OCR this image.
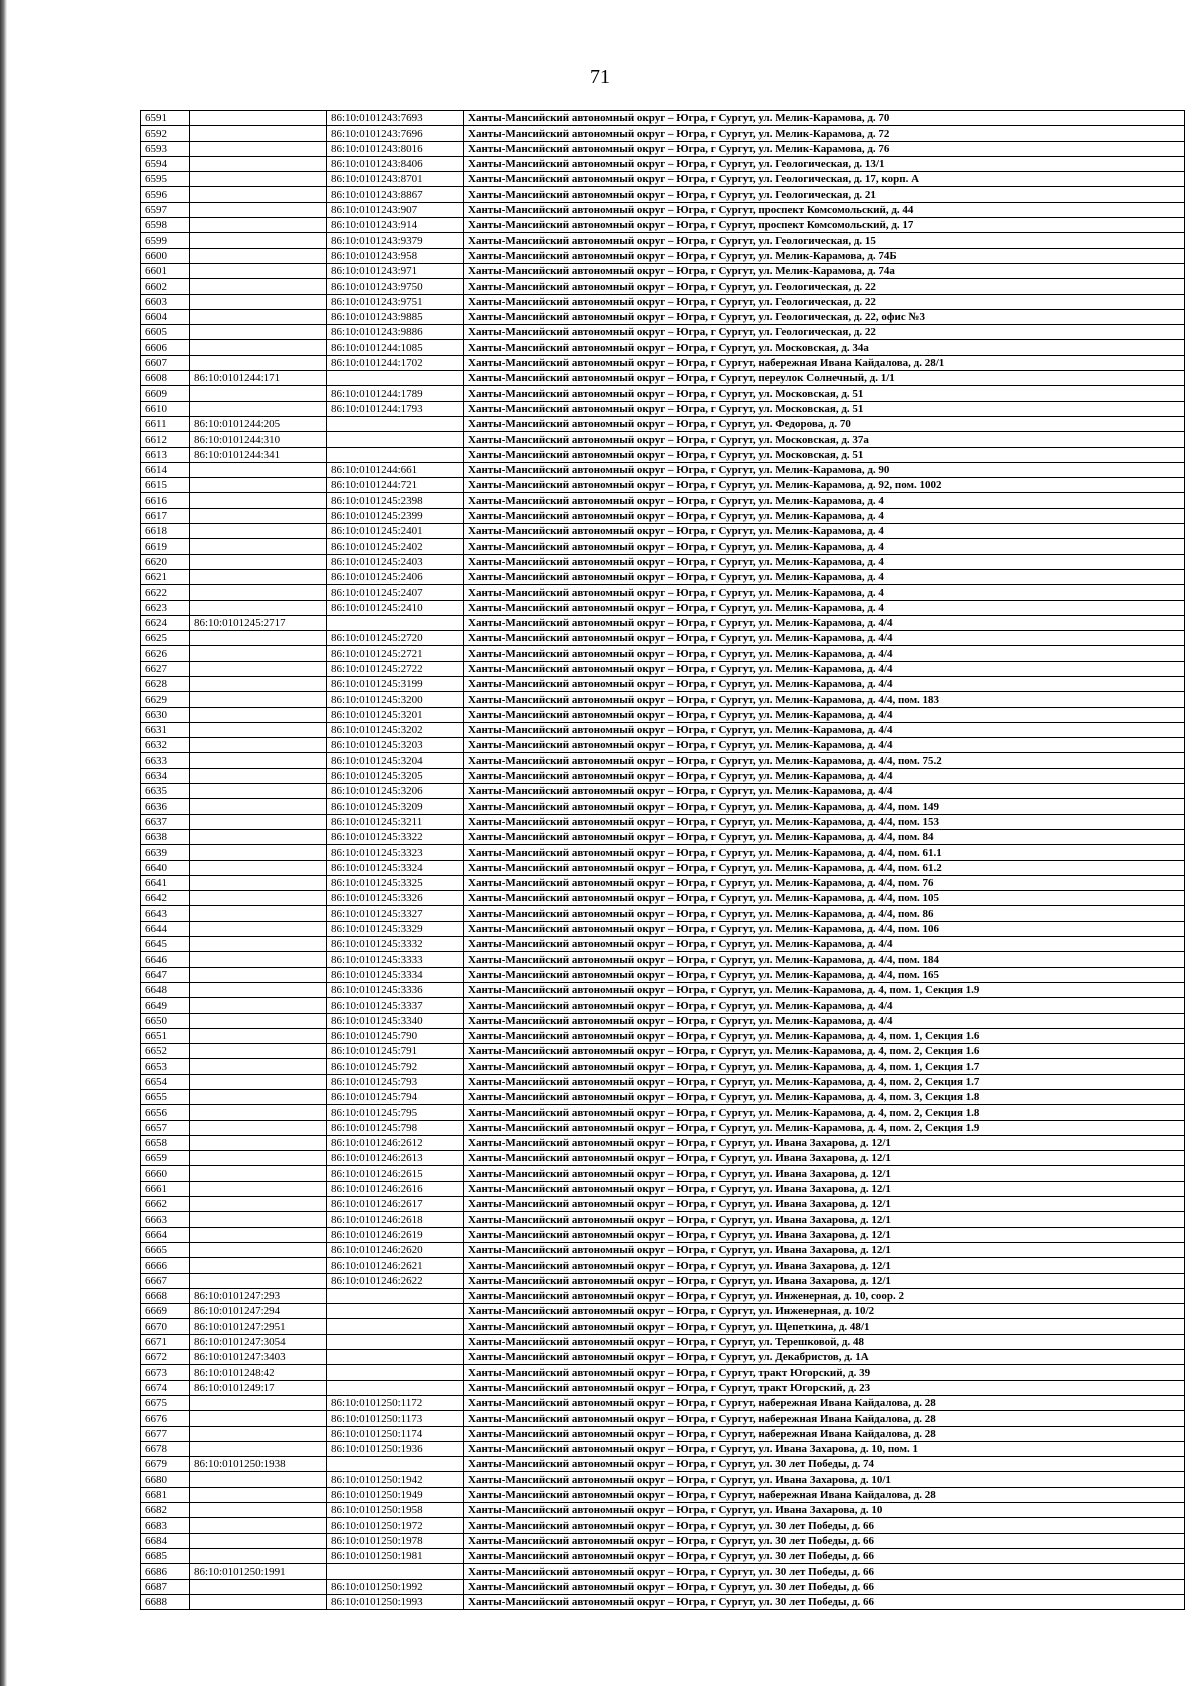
71
6591		86:10:0101243:7693	Ханты-Мансийский автономный округ – Югра, г Сургут, ул. Мелик-Карамова, д. 70
6592		86:10:0101243:7696	Ханты-Мансийский автономный округ – Югра, г Сургут, ул. Мелик-Карамова, д. 72
6593		86:10:0101243:8016	Ханты-Мансийский автономный округ – Югра, г Сургут, ул. Мелик-Карамова, д. 76
6594		86:10:0101243:8406	Ханты-Мансийский автономный округ – Югра, г Сургут, ул. Геологическая, д. 13/1
6595		86:10:0101243:8701	Ханты-Мансийский автономный округ – Югра, г Сургут, ул. Геологическая, д. 17, корп. А
6596		86:10:0101243:8867	Ханты-Мансийский автономный округ – Югра, г Сургут, ул. Геологическая, д. 21
6597		86:10:0101243:907	Ханты-Мансийский автономный округ – Югра, г Сургут, проспект Комсомольский, д. 44
6598		86:10:0101243:914	Ханты-Мансийский автономный округ – Югра, г Сургут, проспект Комсомольский, д. 17
6599		86:10:0101243:9379	Ханты-Мансийский автономный округ – Югра, г Сургут, ул. Геологическая, д. 15
6600		86:10:0101243:958	Ханты-Мансийский автономный округ – Югра, г Сургут, ул. Мелик-Карамова, д. 74Б
6601		86:10:0101243:971	Ханты-Мансийский автономный округ – Югра, г Сургут, ул. Мелик-Карамова, д. 74а
6602		86:10:0101243:9750	Ханты-Мансийский автономный округ – Югра, г Сургут, ул. Геологическая, д. 22
6603		86:10:0101243:9751	Ханты-Мансийский автономный округ – Югра, г Сургут, ул. Геологическая, д. 22
6604		86:10:0101243:9885	Ханты-Мансийский автономный округ – Югра, г Сургут, ул. Геологическая, д. 22, офис №3
6605		86:10:0101243:9886	Ханты-Мансийский автономный округ – Югра, г Сургут, ул. Геологическая, д. 22
6606		86:10:0101244:1085	Ханты-Мансийский автономный округ – Югра, г Сургут, ул. Московская, д. 34а
6607		86:10:0101244:1702	Ханты-Мансийский автономный округ – Югра, г Сургут, набережная Ивана Кайдалова, д. 28/1
6608	86:10:0101244:171		Ханты-Мансийский автономный округ – Югра, г Сургут, переулок Солнечный, д. 1/1
6609		86:10:0101244:1789	Ханты-Мансийский автономный округ – Югра, г Сургут, ул. Московская, д. 51
6610		86:10:0101244:1793	Ханты-Мансийский автономный округ – Югра, г Сургут, ул. Московская, д. 51
6611	86:10:0101244:205		Ханты-Мансийский автономный округ – Югра, г Сургут, ул. Федорова, д. 70
6612	86:10:0101244:310		Ханты-Мансийский автономный округ – Югра, г Сургут, ул. Московская, д. 37а
6613	86:10:0101244:341		Ханты-Мансийский автономный округ – Югра, г Сургут, ул. Московская, д. 51
6614		86:10:0101244:661	Ханты-Мансийский автономный округ – Югра, г Сургут, ул. Мелик-Карамова, д. 90
6615		86:10:0101244:721	Ханты-Мансийский автономный округ – Югра, г Сургут, ул. Мелик-Карамова, д. 92, пом. 1002
6616		86:10:0101245:2398	Ханты-Мансийский автономный округ – Югра, г Сургут, ул. Мелик-Карамова, д. 4
6617		86:10:0101245:2399	Ханты-Мансийский автономный округ – Югра, г Сургут, ул. Мелик-Карамова, д. 4
6618		86:10:0101245:2401	Ханты-Мансийский автономный округ – Югра, г Сургут, ул. Мелик-Карамова, д. 4
6619		86:10:0101245:2402	Ханты-Мансийский автономный округ – Югра, г Сургут, ул. Мелик-Карамова, д. 4
6620		86:10:0101245:2403	Ханты-Мансийский автономный округ – Югра, г Сургут, ул. Мелик-Карамова, д. 4
6621		86:10:0101245:2406	Ханты-Мансийский автономный округ – Югра, г Сургут, ул. Мелик-Карамова, д. 4
6622		86:10:0101245:2407	Ханты-Мансийский автономный округ – Югра, г Сургут, ул. Мелик-Карамова, д. 4
6623		86:10:0101245:2410	Ханты-Мансийский автономный округ – Югра, г Сургут, ул. Мелик-Карамова, д. 4
6624	86:10:0101245:2717		Ханты-Мансийский автономный округ – Югра, г Сургут, ул. Мелик-Карамова, д. 4/4
6625		86:10:0101245:2720	Ханты-Мансийский автономный округ – Югра, г Сургут, ул. Мелик-Карамова, д. 4/4
6626		86:10:0101245:2721	Ханты-Мансийский автономный округ – Югра, г Сургут, ул. Мелик-Карамова, д. 4/4
6627		86:10:0101245:2722	Ханты-Мансийский автономный округ – Югра, г Сургут, ул. Мелик-Карамова, д. 4/4
6628		86:10:0101245:3199	Ханты-Мансийский автономный округ – Югра, г Сургут, ул. Мелик-Карамова, д. 4/4
6629		86:10:0101245:3200	Ханты-Мансийский автономный округ – Югра, г Сургут, ул. Мелик-Карамова, д. 4/4, пом. 183
6630		86:10:0101245:3201	Ханты-Мансийский автономный округ – Югра, г Сургут, ул. Мелик-Карамова, д. 4/4
6631		86:10:0101245:3202	Ханты-Мансийский автономный округ – Югра, г Сургут, ул. Мелик-Карамова, д. 4/4
6632		86:10:0101245:3203	Ханты-Мансийский автономный округ – Югра, г Сургут, ул. Мелик-Карамова, д. 4/4
6633		86:10:0101245:3204	Ханты-Мансийский автономный округ – Югра, г Сургут, ул. Мелик-Карамова, д. 4/4, пом. 75.2
6634		86:10:0101245:3205	Ханты-Мансийский автономный округ – Югра, г Сургут, ул. Мелик-Карамова, д. 4/4
6635		86:10:0101245:3206	Ханты-Мансийский автономный округ – Югра, г Сургут, ул. Мелик-Карамова, д. 4/4
6636		86:10:0101245:3209	Ханты-Мансийский автономный округ – Югра, г Сургут, ул. Мелик-Карамова, д. 4/4, пом. 149
6637		86:10:0101245:3211	Ханты-Мансийский автономный округ – Югра, г Сургут, ул. Мелик-Карамова, д. 4/4, пом. 153
6638		86:10:0101245:3322	Ханты-Мансийский автономный округ – Югра, г Сургут, ул. Мелик-Карамова, д. 4/4, пом. 84
6639		86:10:0101245:3323	Ханты-Мансийский автономный округ – Югра, г Сургут, ул. Мелик-Карамова, д. 4/4, пом. 61.1
6640		86:10:0101245:3324	Ханты-Мансийский автономный округ – Югра, г Сургут, ул. Мелик-Карамова, д. 4/4, пом. 61.2
6641		86:10:0101245:3325	Ханты-Мансийский автономный округ – Югра, г Сургут, ул. Мелик-Карамова, д. 4/4, пом. 76
6642		86:10:0101245:3326	Ханты-Мансийский автономный округ – Югра, г Сургут, ул. Мелик-Карамова, д. 4/4, пом. 105
6643		86:10:0101245:3327	Ханты-Мансийский автономный округ – Югра, г Сургут, ул. Мелик-Карамова, д. 4/4, пом. 86
6644		86:10:0101245:3329	Ханты-Мансийский автономный округ – Югра, г Сургут, ул. Мелик-Карамова, д. 4/4, пом. 106
6645		86:10:0101245:3332	Ханты-Мансийский автономный округ – Югра, г Сургут, ул. Мелик-Карамова, д. 4/4
6646		86:10:0101245:3333	Ханты-Мансийский автономный округ – Югра, г Сургут, ул. Мелик-Карамова, д. 4/4, пом. 184
6647		86:10:0101245:3334	Ханты-Мансийский автономный округ – Югра, г Сургут, ул. Мелик-Карамова, д. 4/4, пом. 165
6648		86:10:0101245:3336	Ханты-Мансийский автономный округ – Югра, г Сургут, ул. Мелик-Карамова, д. 4, пом. 1, Секция 1.9
6649		86:10:0101245:3337	Ханты-Мансийский автономный округ – Югра, г Сургут, ул. Мелик-Карамова, д. 4/4
6650		86:10:0101245:3340	Ханты-Мансийский автономный округ – Югра, г Сургут, ул. Мелик-Карамова, д. 4/4
6651		86:10:0101245:790	Ханты-Мансийский автономный округ – Югра, г Сургут, ул. Мелик-Карамова, д. 4, пом. 1, Секция 1.6
6652		86:10:0101245:791	Ханты-Мансийский автономный округ – Югра, г Сургут, ул. Мелик-Карамова, д. 4, пом. 2, Секция 1.6
6653		86:10:0101245:792	Ханты-Мансийский автономный округ – Югра, г Сургут, ул. Мелик-Карамова, д. 4, пом. 1, Секция 1.7
6654		86:10:0101245:793	Ханты-Мансийский автономный округ – Югра, г Сургут, ул. Мелик-Карамова, д. 4, пом. 2, Секция 1.7
6655		86:10:0101245:794	Ханты-Мансийский автономный округ – Югра, г Сургут, ул. Мелик-Карамова, д. 4, пом. 3, Секция 1.8
6656		86:10:0101245:795	Ханты-Мансийский автономный округ – Югра, г Сургут, ул. Мелик-Карамова, д. 4, пом. 2, Секция 1.8
6657		86:10:0101245:798	Ханты-Мансийский автономный округ – Югра, г Сургут, ул. Мелик-Карамова, д. 4, пом. 2, Секция 1.9
6658		86:10:0101246:2612	Ханты-Мансийский автономный округ – Югра, г Сургут, ул. Ивана Захарова, д. 12/1
6659		86:10:0101246:2613	Ханты-Мансийский автономный округ – Югра, г Сургут, ул. Ивана Захарова, д. 12/1
6660		86:10:0101246:2615	Ханты-Мансийский автономный округ – Югра, г Сургут, ул. Ивана Захарова, д. 12/1
6661		86:10:0101246:2616	Ханты-Мансийский автономный округ – Югра, г Сургут, ул. Ивана Захарова, д. 12/1
6662		86:10:0101246:2617	Ханты-Мансийский автономный округ – Югра, г Сургут, ул. Ивана Захарова, д. 12/1
6663		86:10:0101246:2618	Ханты-Мансийский автономный округ – Югра, г Сургут, ул. Ивана Захарова, д. 12/1
6664		86:10:0101246:2619	Ханты-Мансийский автономный округ – Югра, г Сургут, ул. Ивана Захарова, д. 12/1
6665		86:10:0101246:2620	Ханты-Мансийский автономный округ – Югра, г Сургут, ул. Ивана Захарова, д. 12/1
6666		86:10:0101246:2621	Ханты-Мансийский автономный округ – Югра, г Сургут, ул. Ивана Захарова, д. 12/1
6667		86:10:0101246:2622	Ханты-Мансийский автономный округ – Югра, г Сургут, ул. Ивана Захарова, д. 12/1
6668	86:10:0101247:293		Ханты-Мансийский автономный округ – Югра, г Сургут, ул. Инженерная, д. 10, соор. 2
6669	86:10:0101247:294		Ханты-Мансийский автономный округ – Югра, г Сургут, ул. Инженерная, д. 10/2
6670	86:10:0101247:2951		Ханты-Мансийский автономный округ – Югра, г Сургут, ул. Щепеткина, д. 48/1
6671	86:10:0101247:3054		Ханты-Мансийский автономный округ – Югра, г Сургут, ул. Терешковой, д. 48
6672	86:10:0101247:3403		Ханты-Мансийский автономный округ – Югра, г Сургут, ул. Декабристов, д. 1А
6673	86:10:0101248:42		Ханты-Мансийский автономный округ – Югра, г Сургут, тракт Югорский, д. 39
6674	86:10:0101249:17		Ханты-Мансийский автономный округ – Югра, г Сургут, тракт Югорский, д. 23
6675		86:10:0101250:1172	Ханты-Мансийский автономный округ – Югра, г Сургут, набережная Ивана Кайдалова, д. 28
6676		86:10:0101250:1173	Ханты-Мансийский автономный округ – Югра, г Сургут, набережная Ивана Кайдалова, д. 28
6677		86:10:0101250:1174	Ханты-Мансийский автономный округ – Югра, г Сургут, набережная Ивана Кайдалова, д. 28
6678		86:10:0101250:1936	Ханты-Мансийский автономный округ – Югра, г Сургут, ул. Ивана Захарова, д. 10, пом. 1
6679	86:10:0101250:1938		Ханты-Мансийский автономный округ – Югра, г Сургут, ул. 30 лет Победы, д. 74
6680		86:10:0101250:1942	Ханты-Мансийский автономный округ – Югра, г Сургут, ул. Ивана Захарова, д. 10/1
6681		86:10:0101250:1949	Ханты-Мансийский автономный округ – Югра, г Сургут, набережная Ивана Кайдалова, д. 28
6682		86:10:0101250:1958	Ханты-Мансийский автономный округ – Югра, г Сургут, ул. Ивана Захарова, д. 10
6683		86:10:0101250:1972	Ханты-Мансийский автономный округ – Югра, г Сургут, ул. 30 лет Победы, д. 66
6684		86:10:0101250:1978	Ханты-Мансийский автономный округ – Югра, г Сургут, ул. 30 лет Победы, д. 66
6685		86:10:0101250:1981	Ханты-Мансийский автономный округ – Югра, г Сургут, ул. 30 лет Победы, д. 66
6686	86:10:0101250:1991		Ханты-Мансийский автономный округ – Югра, г Сургут, ул. 30 лет Победы, д. 66
6687		86:10:0101250:1992	Ханты-Мансийский автономный округ – Югра, г Сургут, ул. 30 лет Победы, д. 66
6688		86:10:0101250:1993	Ханты-Мансийский автономный округ – Югра, г Сургут, ул. 30 лет Победы, д. 66
